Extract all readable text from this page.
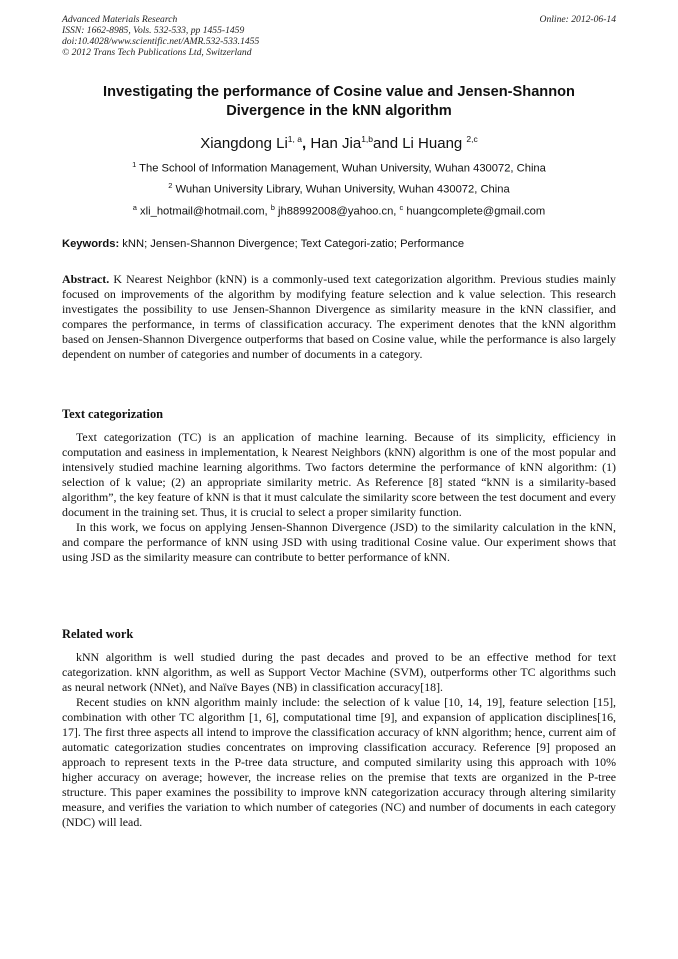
Advanced Materials Research
ISSN: 1662-8985, Vols. 532-533, pp 1455-1459
doi:10.4028/www.scientific.net/AMR.532-533.1455
© 2012 Trans Tech Publications Ltd, Switzerland
Online: 2012-06-14
Investigating the performance of Cosine value and Jensen-Shannon Divergence in the kNN algorithm
Xiangdong Li$^{1, a}$, Han Jia$^{1,b}$and Li Huang $^{2,c}$
$^1$ The School of Information Management, Wuhan University, Wuhan 430072, China
$^2$ Wuhan University Library, Wuhan University, Wuhan 430072, China
$^a$ xli_hotmail@hotmail.com, $^b$ jh88992008@yahoo.cn, $^c$ huangcomplete@gmail.com
Keywords: kNN; Jensen-Shannon Divergence; Text Categori-zatio; Performance
Abstract. K Nearest Neighbor (kNN) is a commonly-used text categorization algorithm. Previous studies mainly focused on improvements of the algorithm by modifying feature selection and k value selection. This research investigates the possibility to use Jensen-Shannon Divergence as similarity measure in the kNN classifier, and compares the performance, in terms of classification accuracy. The experiment denotes that the kNN algorithm based on Jensen-Shannon Divergence outperforms that based on Cosine value, while the performance is also largely dependent on number of categories and number of documents in a category.
Text categorization
Text categorization (TC) is an application of machine learning. Because of its simplicity, efficiency in computation and easiness in implementation, k Nearest Neighbors (kNN) algorithm is one of the most popular and intensively studied machine learning algorithms. Two factors determine the performance of kNN algorithm: (1) selection of k value; (2) an appropriate similarity metric. As Reference [8] stated “kNN is a similarity-based algorithm”, the key feature of kNN is that it must calculate the similarity score between the test document and every document in the training set. Thus, it is crucial to select a proper similarity function.
In this work, we focus on applying Jensen-Shannon Divergence (JSD) to the similarity calculation in the kNN, and compare the performance of kNN using JSD with using traditional Cosine value. Our experiment shows that using JSD as the similarity measure can contribute to better performance of kNN.
Related work
kNN algorithm is well studied during the past decades and proved to be an effective method for text categorization. kNN algorithm, as well as Support Vector Machine (SVM), outperforms other TC algorithms such as neural network (NNet), and Naïve Bayes (NB) in classification accuracy[18].
Recent studies on kNN algorithm mainly include: the selection of k value [10, 14, 19], feature selection [15], combination with other TC algorithm [1, 6], computational time [9], and expansion of application disciplines[16, 17]. The first three aspects all intend to improve the classification accuracy of kNN algorithm; hence, current aim of automatic categorization studies concentrates on improving classification accuracy. Reference [9] proposed an approach to represent texts in the P-tree data structure, and computed similarity using this approach with 10% higher accuracy on average; however, the increase relies on the premise that texts are organized in the P-tree structure. This paper examines the possibility to improve kNN categorization accuracy through altering similarity measure, and verifies the variation to which number of categories (NC) and number of documents in each category (NDC) will lead.
